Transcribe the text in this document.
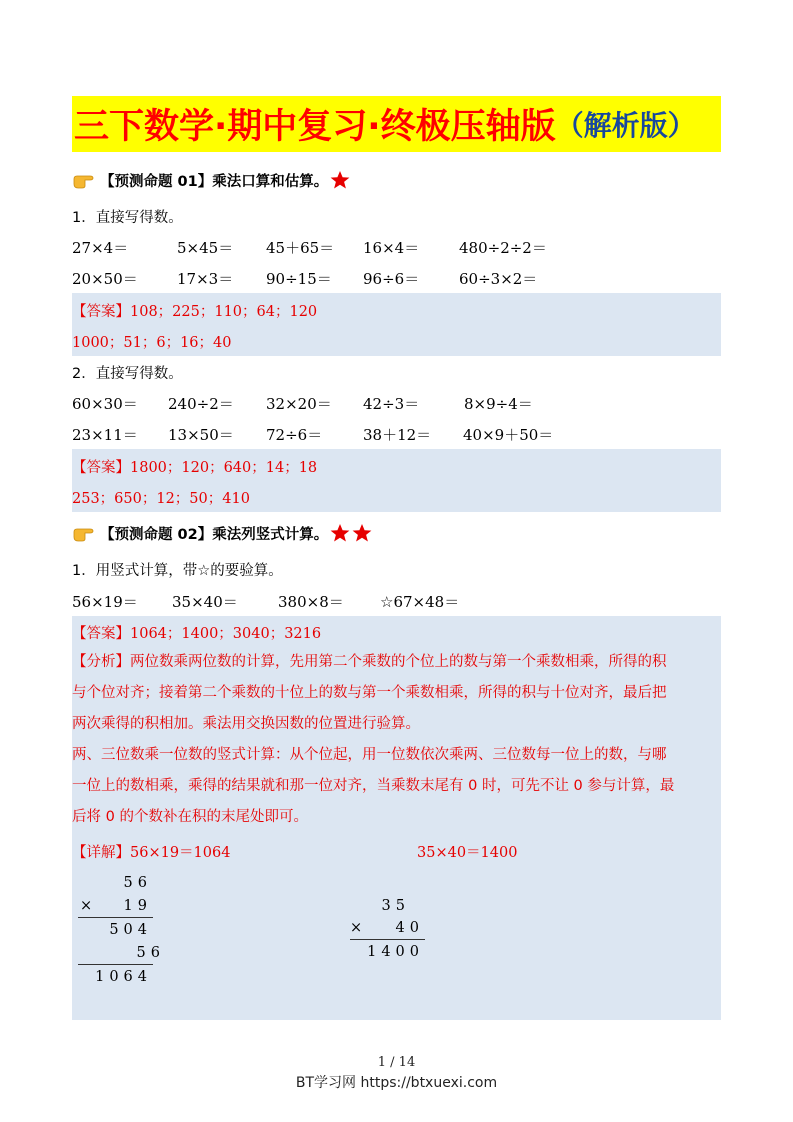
三下数学·期中复习·终极压轴版 （解析版）
【预测命题 01】乘法口算和估算。
1．直接写得数。
27×4＝	5×45＝ 45＋65＝ 16×4＝	480÷2÷2＝
20×50＝	17×3＝ 90÷15＝ 96÷6＝	60÷3×2＝
【答案】108；225；110；64；120
1000；51；6；16；40
2．直接写得数。
60×30＝ 240÷2＝ 32×20＝ 42÷3＝	8×9÷4＝
23×11＝ 13×50＝ 72÷6＝	38＋12＝ 40×9＋50＝
【答案】1800；120；640；14；18
253；650；12；50；410
【预测命题 02】乘法列竖式计算。
1．用竖式计算，带☆的要验算。
56×19＝ 35×40＝	380×8＝ ☆67×48＝
【答案】1064；1400；3040；3216
【分析】两位数乘两位数的计算，先用第二个乘数的个位上的数与第一个乘数相乘，所得的积
与个位对齐；接着第二个乘数的十位上的数与第一个乘数相乘，所得的积与十位对齐，最后把
两次乘得的积相加。乘法用交换因数的位置进行验算。
两、三位数乘一位数的竖式计算：从个位起，用一位数依次乘两、三位数每一位上的数，与哪
一位上的数相乘，乘得的结果就和那一位对齐，当乘数末尾有 0 时，可先不让 0 参与计算，最
后将 0 的个数补在积的末尾处即可。
【详解】56×19＝1064	35×40＝1400
56
×	19
504
56
1064
35
×	40
1400
1 / 14
BT学习网 https://btxuexi.com
